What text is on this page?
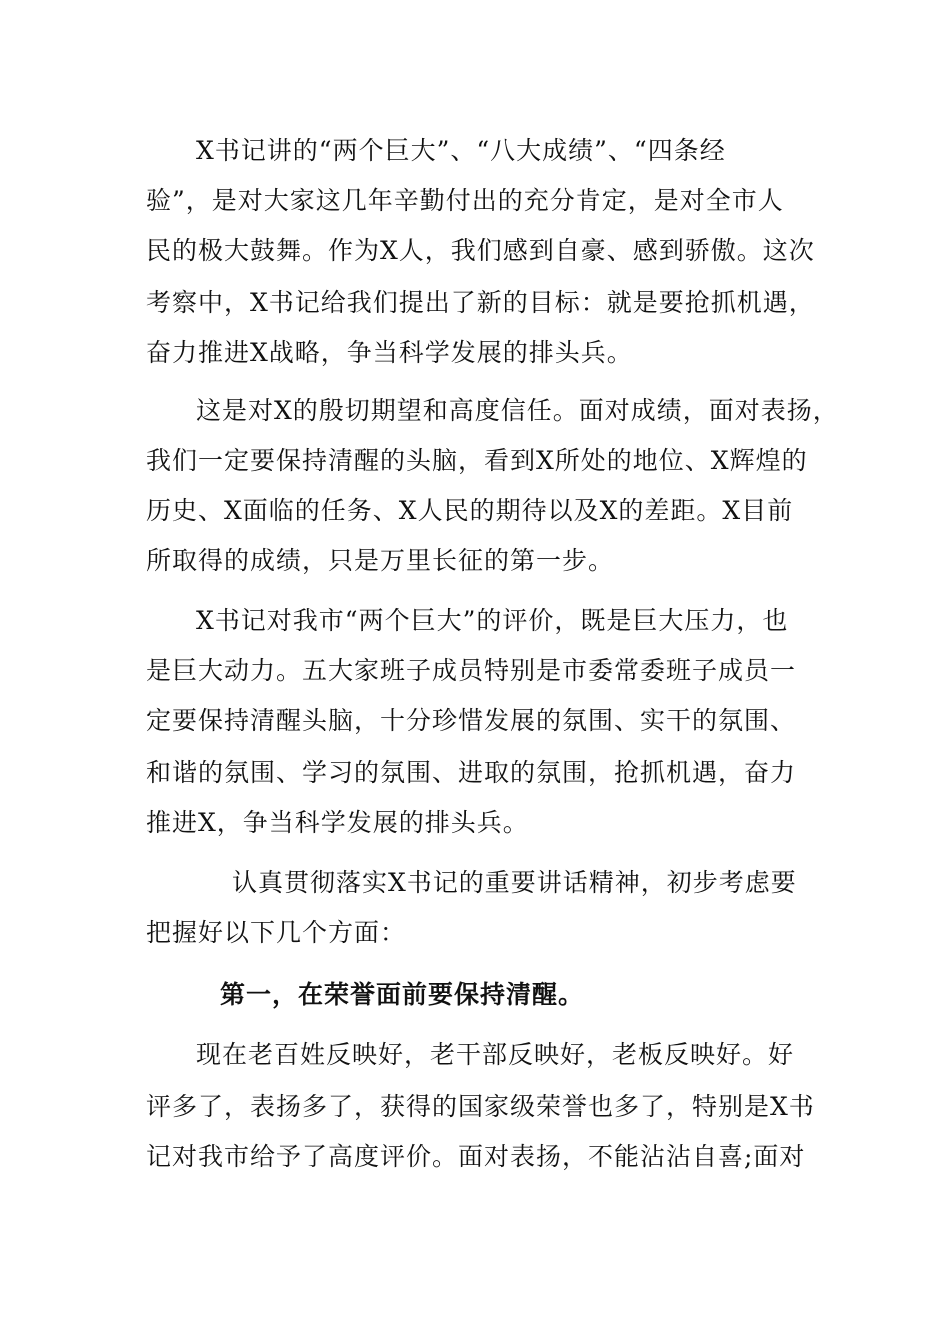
X书记讲的“两个巨大”、“八大成绩”、“四条经
验”，是对大家这几年辛勤付出的充分肯定，是对全市人
民的极大鼓舞。作为X人，我们感到自豪、感到骄傲。这次
考察中，X书记给我们提出了新的目标：就是要抢抓机遇，
奋力推进X战略，争当科学发展的排头兵。
这是对X的殷切期望和高度信任。面对成绩，面对表扬，
我们一定要保持清醒的头脑，看到X所处的地位、X辉煌的
历史、X面临的任务、X人民的期待以及X的差距。X目前
所取得的成绩，只是万里长征的第一步。
X书记对我市“两个巨大”的评价，既是巨大压力，也
是巨大动力。五大家班子成员特别是市委常委班子成员一
定要保持清醒头脑，十分珍惜发展的氛围、实干的氛围、
和谐的氛围、学习的氛围、进取的氛围，抢抓机遇，奋力
推进X，争当科学发展的排头兵。
认真贯彻落实X书记的重要讲话精神，初步考虑要
把握好以下几个方面：
第一，在荣誉面前要保持清醒。
现在老百姓反映好，老干部反映好，老板反映好。好
评多了，表扬多了，获得的国家级荣誉也多了，特别是X书
记对我市给予了高度评价。面对表扬，不能沾沾自喜;面对
